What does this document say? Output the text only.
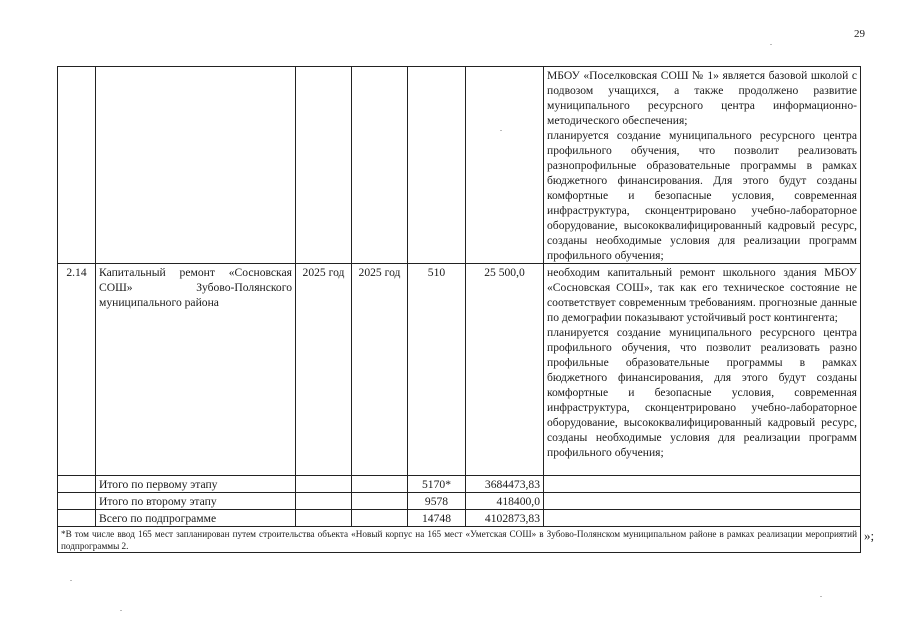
29

						МБОУ «Поселковская СОШ № 1» является базовой школой с подвозом учащихся, а также продолжено развитие муниципального ресурсного центра информационно-методического обеспечения;

планируется создание муниципального ресурсного центра профильного обучения, что позволит реализовать разнопрофильные образовательные программы в рамках бюджетного финансирования. Для этого будут созданы комфортные и безопасные условия, современная инфраструктура, сконцентрировано учебно-лабораторное оборудование, высококвалифицированный кадровый ресурс, созданы необходимые условия для реализации программ профильного обучения;

2.14	Капитальный ремонт «Сосновская СОШ» Зубово-Полянского муниципального района	2025 год	2025 год	510	25 500,0	необходим капитальный ремонт школьного здания МБОУ «Сосновская СОШ», так как его техническое состояние не соответствует современным требованиям. прогнозные данные по демографии показывают устойчивый рост контингента;

планируется создание муниципального ресурсного центра профильного обучения, что позволит реализовать разно профильные образовательные программы в рамках бюджетного финансирования, для этого будут созданы комфортные и безопасные условия, современная инфраструктура, сконцентрировано учебно-лабораторное оборудование, высококвалифицированный кадровый ресурс, созданы необходимые условия для реализации программ профильного обучения;

	Итого по первому этапу			5170*	3684473,83	
	Итого по второму этапу			9578	418400,0	
	Всего по подпрограмме			14748	4102873,83	
*В том числе ввод 165 мест запланирован путем строительства объекта «Новый корпус на 165 мест «Уметская СОШ» в Зубово-Полянском муниципальном районе в рамках реализации мероприятий подпрограммы 2.						
»;
